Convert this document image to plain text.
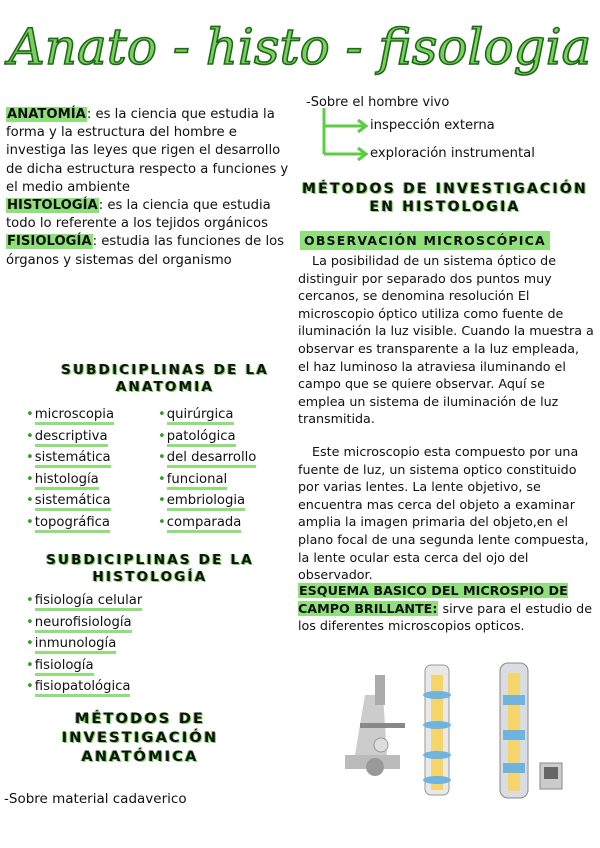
Anato - histo - fisologia
ANATOMÍA: es la ciencia que estudia la forma y la estructura del hombre e investiga las leyes que rigen el desarrollo de dicha estructura respecto a funciones y el medio ambiente
HISTOLOGÍA: es la ciencia que estudia todo lo referente a los tejidos orgánicos
FISIOLOGÍA: estudia las funciones de los órganos y sistemas del organismo
SUBDICIPLINAS DE LA ANATOMIA
•microscopia
•descriptiva
•sistemática
•histología
•sistemática
•topográfica
•quirúrgica
•patológica
•del desarrollo
•funcional
•embriologia
•comparada
SUBDICIPLINAS DE LA HISTOLOGÍA
•fisiología celular
•neurofisiología
•inmunología
•fisiología
•fisiopatológica
MÉTODOS DE INVESTIGACIÓN ANATÓMICA
-Sobre material cadaverico
-Sobre el hombre vivo
inspección externa
exploración instrumental
MÉTODOS DE INVESTIGACIÓN EN HISTOLOGIA
OBSERVACIÓN MICROSCÓPICA
La posibilidad de un sistema óptico de distinguir por separado dos puntos muy cercanos, se denomina resolución El microscopio óptico utiliza como fuente de iluminación la luz visible. Cuando la muestra a observar es transparente a la luz empleada, el haz luminoso la atraviesa iluminando el campo que se quiere observar. Aquí se emplea un sistema de iluminación de luz transmitida.
Este microscopio esta compuesto por una fuente de luz, un sistema optico constituido por varias lentes. La lente objetivo, se encuentra mas cerca del objeto a examinar amplia la imagen primaria del objeto,en el plano focal de una segunda lente compuesta, la lente ocular esta cerca del ojo del observador.
ESQUEMA BASICO DEL MICROSPIO DE CAMPO BRILLANTE: sirve para el estudio de los diferentes microscopios opticos.
